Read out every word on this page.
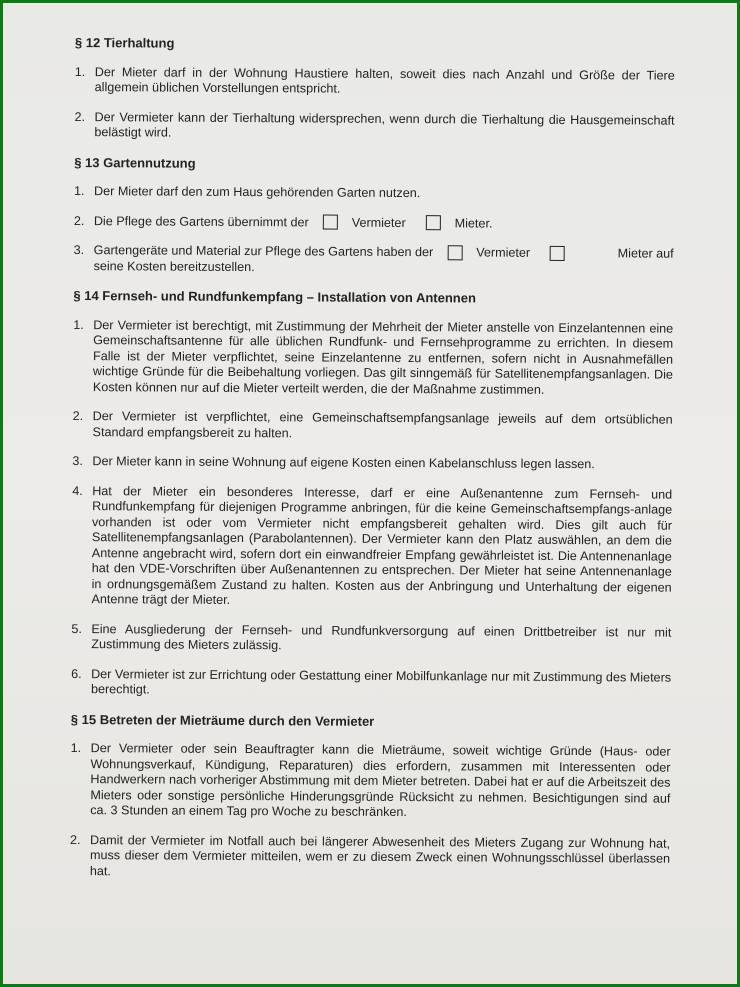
§ 12 Tierhaltung
1. Der Mieter darf in der Wohnung Haustiere halten, soweit dies nach Anzahl und Größe der Tiere allgemein üblichen Vorstellungen entspricht.
2. Der Vermieter kann der Tierhaltung widersprechen, wenn durch die Tierhaltung die Hausgemeinschaft belästigt wird.
§ 13 Gartennutzung
1. Der Mieter darf den zum Haus gehörenden Garten nutzen.
2. Die Pflege des Gartens übernimmt der	Vermieter	Mieter.
3. Gartengeräte und Material zur Pflege des Gartens haben der	Vermieter	Mieter auf
seine Kosten bereitzustellen.
§ 14 Fernseh- und Rundfunkempfang – Installation von Antennen
1. Der Vermieter ist berechtigt, mit Zustimmung der Mehrheit der Mieter anstelle von Einzelantennen eine Gemeinschaftsantenne für alle üblichen Rundfunk- und Fernsehprogramme zu errichten. In diesem Falle ist der Mieter verpflichtet, seine Einzelantenne zu entfernen, sofern nicht in Ausnahmefällen wichtige Gründe für die Beibehaltung vorliegen. Das gilt sinngemäß für Satellitenempfangsanlagen. Die Kosten können nur auf die Mieter verteilt werden, die der Maßnahme zustimmen.
2. Der Vermieter ist verpflichtet, eine Gemeinschaftsempfangsanlage jeweils auf dem ortsüblichen Standard empfangsbereit zu halten.
3. Der Mieter kann in seine Wohnung auf eigene Kosten einen Kabelanschluss legen lassen.
4. Hat der Mieter ein besonderes Interesse, darf er eine Außenantenne zum Fernseh- und Rundfunkempfang für diejenigen Programme anbringen, für die keine Gemeinschaftsempfangs-anlage vorhanden ist oder vom Vermieter nicht empfangsbereit gehalten wird. Dies gilt auch für Satellitenempfangsanlagen (Parabolantennen). Der Vermieter kann den Platz auswählen, an dem die Antenne angebracht wird, sofern dort ein einwandfreier Empfang gewährleistet ist. Die Antennenanlage hat den VDE-Vorschriften über Außenantennen zu entsprechen. Der Mieter hat seine Antennenanlage in ordnungsgemäßem Zustand zu halten. Kosten aus der Anbringung und Unterhaltung der eigenen Antenne trägt der Mieter.
5. Eine Ausgliederung der Fernseh- und Rundfunkversorgung auf einen Drittbetreiber ist nur mit Zustimmung des Mieters zulässig.
6. Der Vermieter ist zur Errichtung oder Gestattung einer Mobilfunkanlage nur mit Zustimmung des Mieters berechtigt.
§ 15 Betreten der Mieträume durch den Vermieter
1. Der Vermieter oder sein Beauftragter kann die Mieträume, soweit wichtige Gründe (Haus- oder Wohnungsverkauf, Kündigung, Reparaturen) dies erfordern, zusammen mit Interessenten oder Handwerkern nach vorheriger Abstimmung mit dem Mieter betreten. Dabei hat er auf die Arbeitszeit des Mieters oder sonstige persönliche Hinderungsgründe Rücksicht zu nehmen. Besichtigungen sind auf ca. 3 Stunden an einem Tag pro Woche zu beschränken.
2. Damit der Vermieter im Notfall auch bei längerer Abwesenheit des Mieters Zugang zur Wohnung hat, muss dieser dem Vermieter mitteilen, wem er zu diesem Zweck einen Wohnungsschlüssel überlassen hat.
